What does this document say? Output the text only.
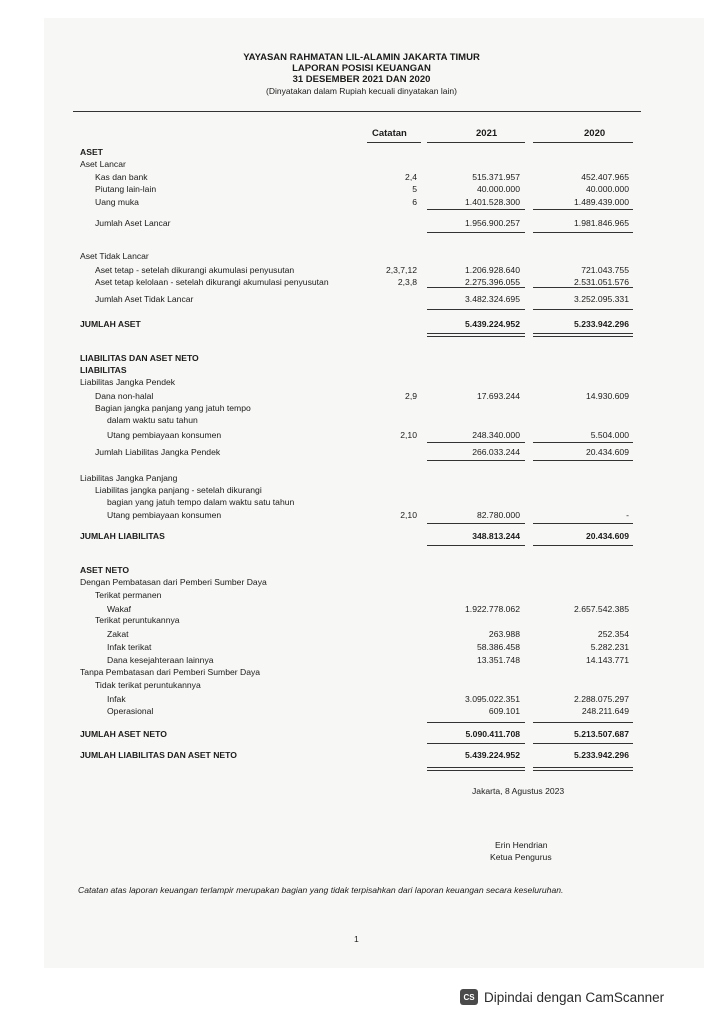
YAYASAN RAHMATAN LIL-ALAMIN JAKARTA TIMUR
LAPORAN POSISI KEUANGAN
31 DESEMBER 2021 DAN 2020
(Dinyatakan dalam Rupiah kecuali dinyatakan lain)
Catatan	2021	2020
ASET
Aset Lancar
Kas dan bank	2,4	515.371.957	452.407.965
Piutang lain-lain	5	40.000.000	40.000.000
Uang muka	6	1.401.528.300	1.489.439.000
Jumlah Aset Lancar	1.956.900.257	1.981.846.965
Aset Tidak Lancar
Aset tetap - setelah dikurangi akumulasi penyusutan	2,3,7,12	1.206.928.640	721.043.755
Aset tetap kelolaan - setelah dikurangi akumulasi penyusutan	2,3,8	2.275.396.055	2.531.051.576
Jumlah Aset Tidak Lancar	3.482.324.695	3.252.095.331
JUMLAH ASET	5.439.224.952	5.233.942.296
LIABILITAS DAN ASET NETO
LIABILITAS
Liabilitas Jangka Pendek
Dana non-halal	2,9	17.693.244	14.930.609
Bagian jangka panjang yang jatuh tempo
dalam waktu satu tahun
Utang pembiayaan konsumen	2,10	248.340.000	5.504.000
Jumlah Liabilitas Jangka Pendek	266.033.244	20.434.609
Liabilitas Jangka Panjang
Liabilitas jangka panjang - setelah dikurangi
bagian yang jatuh tempo dalam waktu satu tahun
Utang pembiayaan konsumen	2,10	82.780.000	-
JUMLAH LIABILITAS	348.813.244	20.434.609
ASET NETO
Dengan Pembatasan dari Pemberi Sumber Daya
Terikat permanen
Wakaf	1.922.778.062	2.657.542.385
Terikat peruntukannya
Zakat	263.988	252.354
Infak terikat	58.386.458	5.282.231
Dana kesejahteraan lainnya	13.351.748	14.143.771
Tanpa Pembatasan dari Pemberi Sumber Daya
Tidak terikat peruntukannya
Infak	3.095.022.351	2.288.075.297
Operasional	609.101	248.211.649
JUMLAH ASET NETO	5.090.411.708	5.213.507.687
JUMLAH LIABILITAS DAN ASET NETO	5.439.224.952	5.233.942.296
Jakarta, 8 Agustus 2023
Erin Hendrian
Ketua Pengurus
Catatan atas laporan keuangan terlampir merupakan bagian yang tidak terpisahkan dari laporan keuangan secara keseluruhan.
1
CS Dipindai dengan CamScanner
